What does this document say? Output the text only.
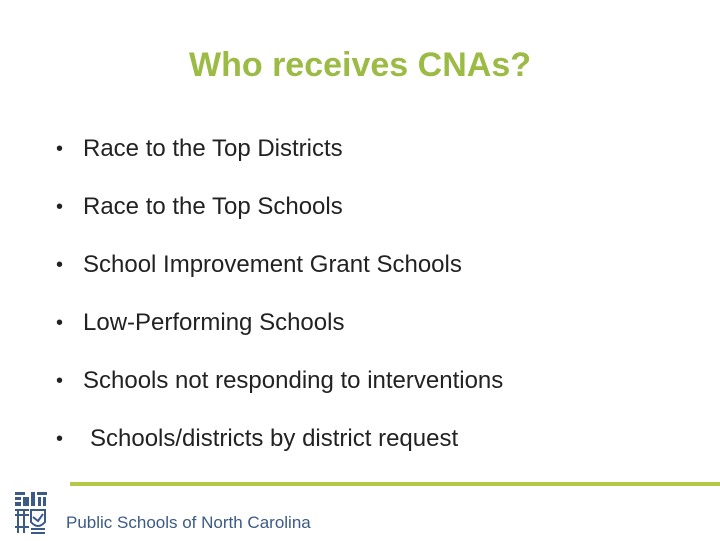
Who receives CNAs?
• Race to the Top Districts
• Race to the Top Schools
• School Improvement Grant Schools
• Low-Performing Schools
• Schools not responding to interventions
• Schools/districts by district request
Public Schools of North Carolina
